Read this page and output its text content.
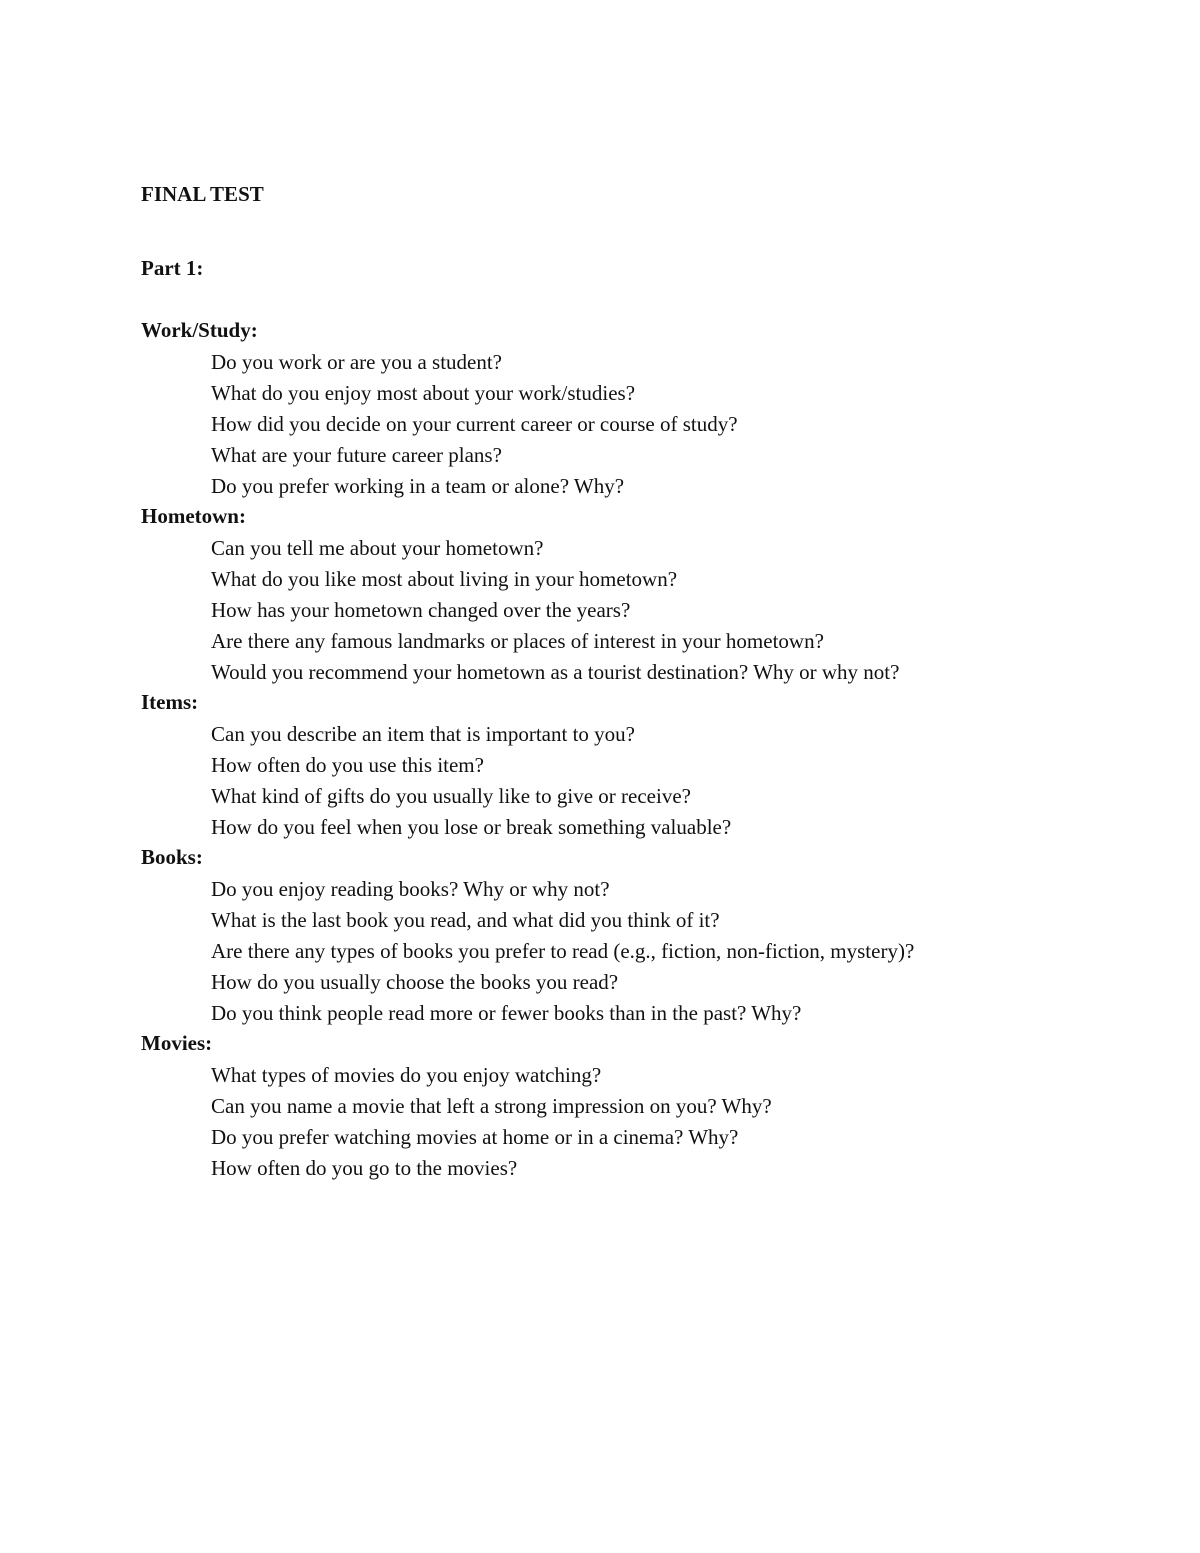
FINAL TEST
Part 1:
Work/Study:
Do you work or are you a student?
What do you enjoy most about your work/studies?
How did you decide on your current career or course of study?
What are your future career plans?
Do you prefer working in a team or alone? Why?
Hometown:
Can you tell me about your hometown?
What do you like most about living in your hometown?
How has your hometown changed over the years?
Are there any famous landmarks or places of interest in your hometown?
Would you recommend your hometown as a tourist destination? Why or why not?
Items:
Can you describe an item that is important to you?
How often do you use this item?
What kind of gifts do you usually like to give or receive?
How do you feel when you lose or break something valuable?
Books:
Do you enjoy reading books? Why or why not?
What is the last book you read, and what did you think of it?
Are there any types of books you prefer to read (e.g., fiction, non-fiction, mystery)?
How do you usually choose the books you read?
Do you think people read more or fewer books than in the past? Why?
Movies:
What types of movies do you enjoy watching?
Can you name a movie that left a strong impression on you? Why?
Do you prefer watching movies at home or in a cinema? Why?
How often do you go to the movies?
